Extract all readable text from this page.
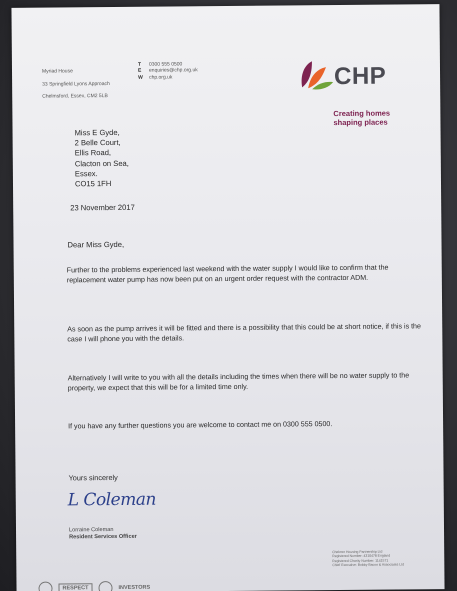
Myriad House

33 Springfield Lyons Approach

Chelmsford, Essex, CM2 5LB

T	0300 555 0500
E	enquiries@chp.org.uk
W chp.org.uk	CHP
Creating homes
shaping places
Miss E Gyde,
2 Belle Court,
Ellis Road,
Clacton on Sea,
Essex.
CO15 1FH
23 November 2017
Dear Miss Gyde,
Further to the problems experienced last weekend with the water supply I would like to confirm that the replacement water pump has now been put on an urgent order request with the contractor ADM.
As soon as the pump arrives it will be fitted and there is a possibility that this could be at short notice, if this is the case I will phone you with the details.
Alternatively I will write to you with all the details including the times when there will be no water supply to the property, we expect that this will be for a limited time only.
If you have any further questions you are welcome to contact me on 0300 555 0500.
Yours sincerely
L Coleman
Lorraine Coleman
Resident Services Officer
Chelmer Housing Partnership Ltd
Registered Number: 4310478 England
Registered Charity Number: 1141571
Chief Executive: Bobby Bacon & Associates Ltd
RESPECT	INVESTORS
